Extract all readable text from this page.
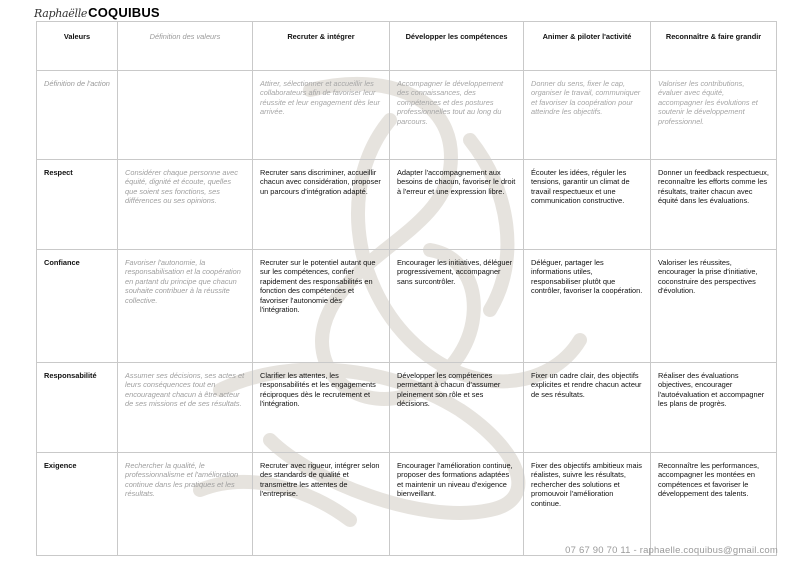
Raphaëlle COQUIBUS
Valeurs	Définition des valeurs	Recruter & intégrer	Développer les compétences	Animer & piloter l'activité	Reconnaître & faire grandir
Définition de l'action		Attirer, sélectionner et accueillir les collaborateurs afin de favoriser leur réussite et leur engagement dès leur arrivée.	Accompagner le développement des connaissances, des compétences et des postures professionnelles tout au long du parcours.	Donner du sens, fixer le cap, organiser le travail, communiquer et favoriser la coopération pour atteindre les objectifs.	Valoriser les contributions, évaluer avec équité, accompagner les évolutions et soutenir le développement professionnel.
Respect	Considérer chaque personne avec équité, dignité et écoute, quelles que soient ses fonctions, ses différences ou ses opinions.	Recruter sans discriminer, accueillir chacun avec considération, proposer un parcours d'intégration adapté.	Adapter l'accompagnement aux besoins de chacun, favoriser le droit à l'erreur et une expression libre.	Écouter les idées, réguler les tensions, garantir un climat de travail respectueux et une communication constructive.	Donner un feedback respectueux, reconnaître les efforts comme les résultats, traiter chacun avec équité dans les évaluations.
Confiance	Favoriser l'autonomie, la responsabilisation et la coopération en partant du principe que chacun souhaite contribuer à la réussite collective.	Recruter sur le potentiel autant que sur les compétences, confier rapidement des responsabilités en fonction des compétences et favoriser l'autonomie dès l'intégration.	Encourager les initiatives, déléguer progressivement, accompagner sans surcontrôler.	Déléguer, partager les informations utiles, responsabiliser plutôt que contrôler, favoriser la coopération.	Valoriser les réussites, encourager la prise d'initiative, coconstruire des perspectives d'évolution.
Responsabilité	Assumer ses décisions, ses actes et leurs conséquences tout en encourageant chacun à être acteur de ses missions et de ses résultats.	Clarifier les attentes, les responsabilités et les engagements réciproques dès le recrutement et l'intégration.	Développer les compétences permettant à chacun d'assumer pleinement son rôle et ses décisions.	Fixer un cadre clair, des objectifs explicites et rendre chacun acteur de ses résultats.	Réaliser des évaluations objectives, encourager l'autoévaluation et accompagner les plans de progrès.
Exigence	Rechercher la qualité, le professionnalisme et l'amélioration continue dans les pratiques et les résultats.	Recruter avec rigueur, intégrer selon des standards de qualité et transmettre les attentes de l'entreprise.	Encourager l'amélioration continue, proposer des formations adaptées et maintenir un niveau d'exigence bienveillant.	Fixer des objectifs ambitieux mais réalistes, suivre les résultats, rechercher des solutions et promouvoir l'amélioration continue.	Reconnaître les performances, accompagner les montées en compétences et favoriser le développement des talents.
07 67 90 70 11 - raphaelle.coquibus@gmail.com
